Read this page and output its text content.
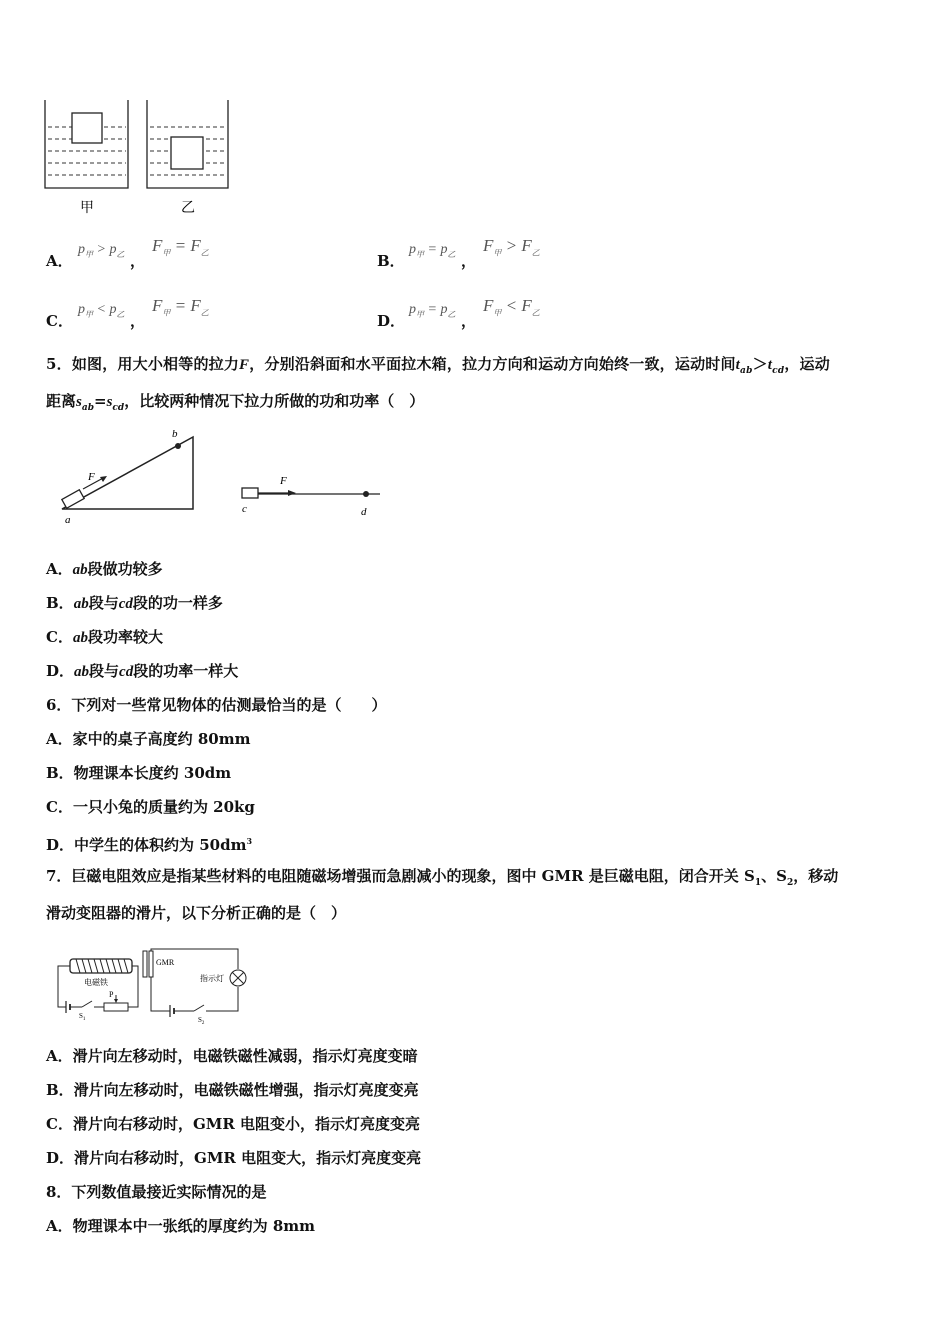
甲	乙
A．
$p_甲 > p_乙$ ，
$F_甲 = F_乙$	B．
$p_甲 = p_乙$ ，
$F_甲 > F_乙$
C．
$p_甲 < p_乙$ ，
$F_甲 = F_乙$	D．
$p_甲 = p_乙$ ，
$F_甲 < F_乙$
5．如图，用大小相等的拉力F，分别沿斜面和水平面拉木箱，拉力方向和运动方向始终一致，运动时间$t_{ab}>t_{cd}$，运动
距离$s_{ab}=s_{cd}$，比较两种情况下拉力所做的功和功率（　）
b
a
F	F
c	d
A．ab段做功较多
B．ab段与cd段的功一样多
C．ab段功率较大
D．ab段与cd段的功率一样大
6．下列对一些常见物体的估测最恰当的是（　　）
A．家中的桌子高度约 80mm
B．物理课本长度约 30dm
C．一只小兔的质量约为 20kg
D．中学生的体积约为 $50dm^3$
7．巨磁电阻效应是指某些材料的电阻随磁场增强而急剧减小的现象，图中 GMR 是巨磁电阻，闭合开关 $S_1$、$S_2$，移动
滑动变阻器的滑片，以下分析正确的是（　）
电磁铁
$S_1$
P
GMR
$S_2$
指示灯
A．滑片向左移动时，电磁铁磁性减弱，指示灯亮度变暗
B．滑片向左移动时，电磁铁磁性增强，指示灯亮度变亮
C．滑片向右移动时，GMR 电阻变小，指示灯亮度变亮
D．滑片向右移动时，GMR 电阻变大，指示灯亮度变亮
8．下列数值最接近实际情况的是
A．物理课本中一张纸的厚度约为 8mm
